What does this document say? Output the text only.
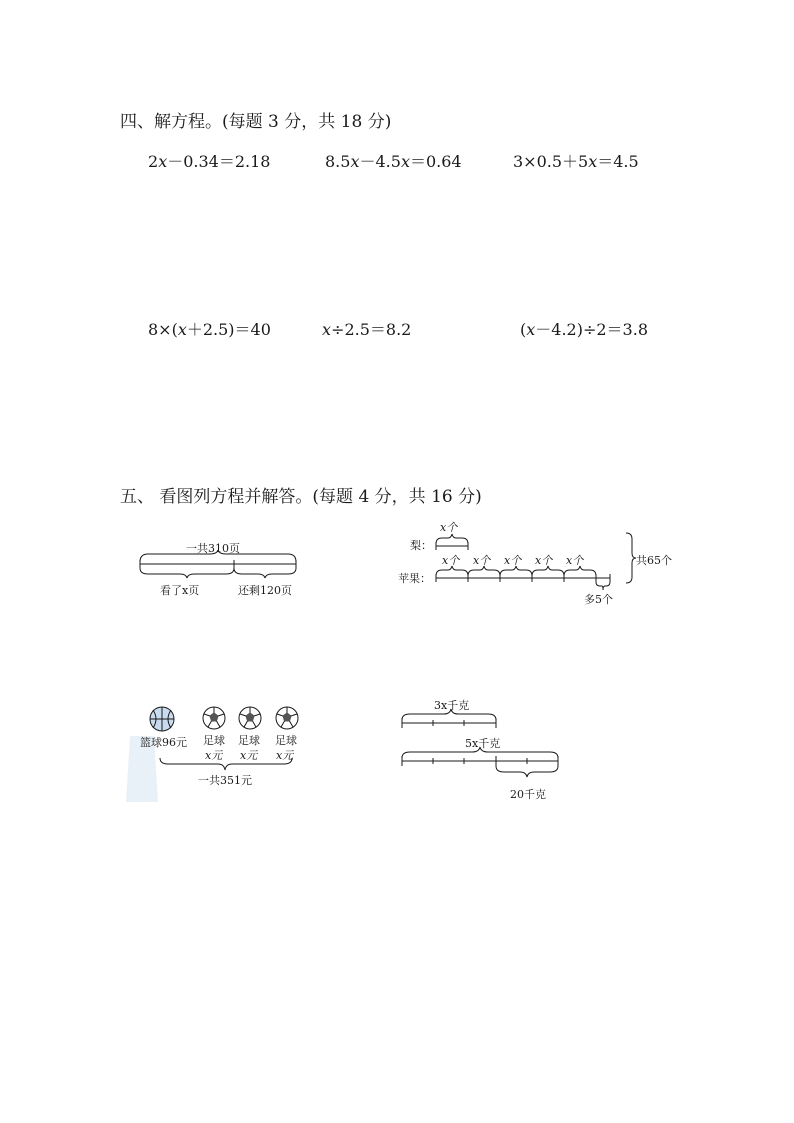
四、解方程。(每题 3 分，共 18 分)
2x－0.34＝2.18	8.5x－4.5x＝0.64	3×0.5＋5x＝4.5
8×(x＋2.5)＝40	x÷2.5＝8.2	(x－4.2)÷2＝3.8
五、 看图列方程并解答。(每题 4 分，共 16 分)
一共310页
看了x页	还剩120页
x个
梨：
x个 x个 x个 x个 x个
苹果：
多5个
共65个
篮球96元 足球 足球 足球
x元 x元 x元
一共351元
3x千克
5x千克
20千克
